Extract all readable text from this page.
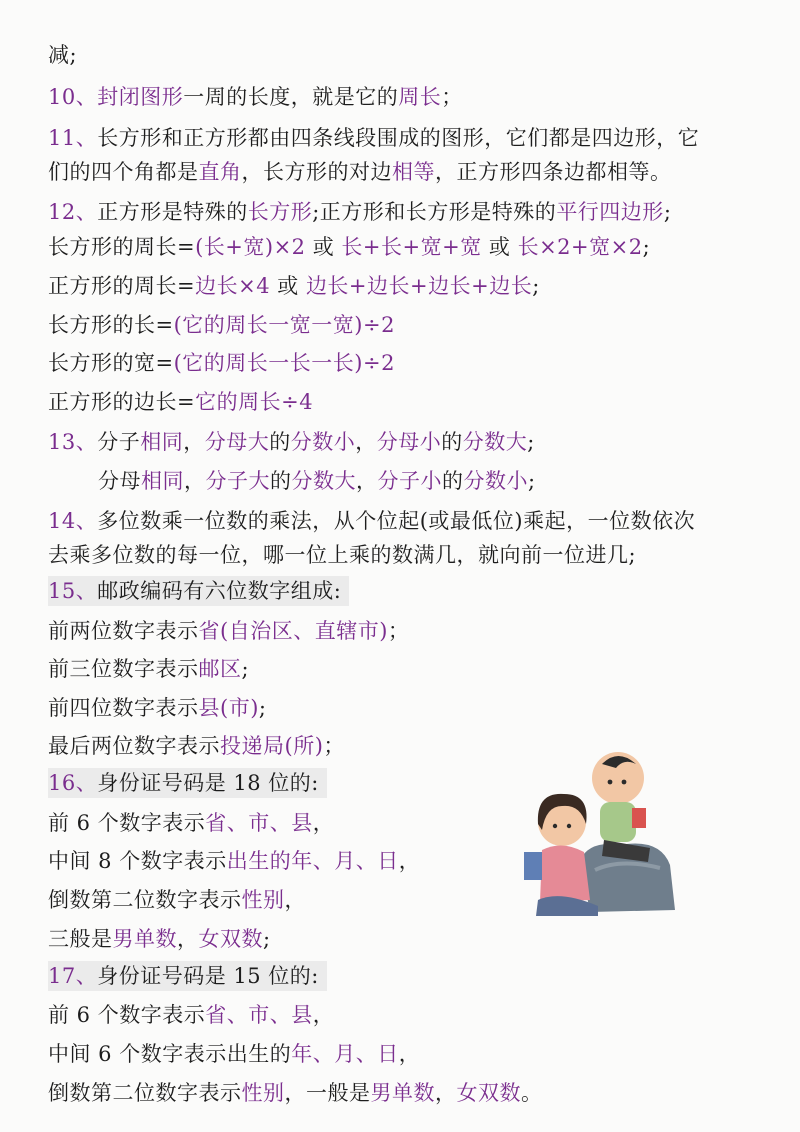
减;
10、封闭图形一周的长度，就是它的周长；
11、长方形和正方形都由四条线段围成的图形，它们都是四边形，它
们的四个角都是直角，长方形的对边相等，正方形四条边都相等。
12、正方形是特殊的长方形;正方形和长方形是特殊的平行四边形;
长方形的周长=(长+宽)×2 或 长+长+宽+宽 或 长×2+宽×2;
正方形的周长=边长×4 或 边长+边长+边长+边长;
长方形的长=(它的周长一宽一宽)÷2
长方形的宽=(它的周长一长一长)÷2
正方形的边长=它的周长÷4
13、分子相同，分母大的分数小，分母小的分数大;
分母相同，分子大的分数大，分子小的分数小;
14、多位数乘一位数的乘法，从个位起(或最低位)乘起，一位数依次
去乘多位数的每一位，哪一位上乘的数满几，就向前一位进几;
15、邮政编码有六位数字组成:
前两位数字表示省(自治区、直辖市)；
前三位数字表示邮区;
前四位数字表示县(市);
最后两位数字表示投递局(所)；
16、身份证号码是 18 位的:
前 6 个数字表示省、市、县，
中间 8 个数字表示出生的年、月、日，
倒数第二位数字表示性别，
三般是男单数，女双数;
17、身份证号码是 15 位的:
前 6 个数字表示省、市、县，
中间 6 个数字表示出生的年、月、日，
倒数第二位数字表示性别，一般是男单数，女双数。
